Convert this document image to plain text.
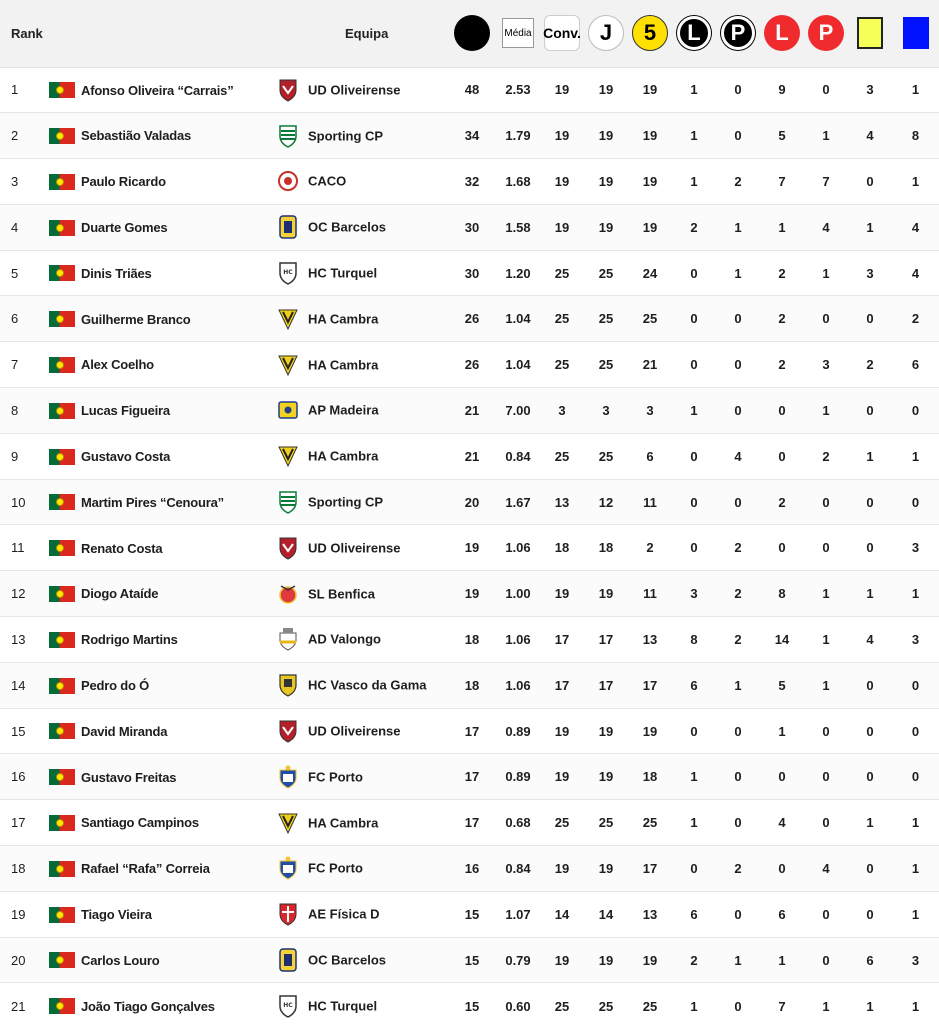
Rank		Equipa		Média	Conv.	J	5	L	P	L	P		
1	Afonso Oliveira “Carrais”	UD Oliveirense	48	2.53	19	19	19	1	0	9	0	3	1
2	Sebastião Valadas	Sporting CP	34	1.79	19	19	19	1	0	5	1	4	8
3	Paulo Ricardo	CACO	32	1.68	19	19	19	1	2	7	7	0	1
4	Duarte Gomes	OC Barcelos	30	1.58	19	19	19	2	1	1	4	1	4
5	Dinis Triães	HC HC Turquel	30	1.20	25	25	24	0	1	2	1	3	4
6	Guilherme Branco	HA Cambra	26	1.04	25	25	25	0	0	2	0	0	2
7	Alex Coelho	HA Cambra	26	1.04	25	25	21	0	0	2	3	2	6
8	Lucas Figueira	AP Madeira	21	7.00	3	3	3	1	0	0	1	0	0
9	Gustavo Costa	HA Cambra	21	0.84	25	25	6	0	4	0	2	1	1
10	Martim Pires “Cenoura”	Sporting CP	20	1.67	13	12	11	0	0	2	0	0	0
11	Renato Costa	UD Oliveirense	19	1.06	18	18	2	0	2	0	0	0	3
12	Diogo Ataíde	SL Benfica	19	1.00	19	19	11	3	2	8	1	1	1
13	Rodrigo Martins	AD Valongo	18	1.06	17	17	13	8	2	14	1	4	3
14	Pedro do Ó	HC Vasco da Gama	18	1.06	17	17	17	6	1	5	1	0	0
15	David Miranda	UD Oliveirense	17	0.89	19	19	19	0	0	1	0	0	0
16	Gustavo Freitas	FC Porto	17	0.89	19	19	18	1	0	0	0	0	0
17	Santiago Campinos	HA Cambra	17	0.68	25	25	25	1	0	4	0	1	1
18	Rafael “Rafa” Correia	FC Porto	16	0.84	19	19	17	0	2	0	4	0	1
19	Tiago Vieira	AE Física D	15	1.07	14	14	13	6	0	6	0	0	1
20	Carlos Louro	OC Barcelos	15	0.79	19	19	19	2	1	1	0	6	3
21	João Tiago Gonçalves	HC HC Turquel	15	0.60	25	25	25	1	0	7	1	1	1
